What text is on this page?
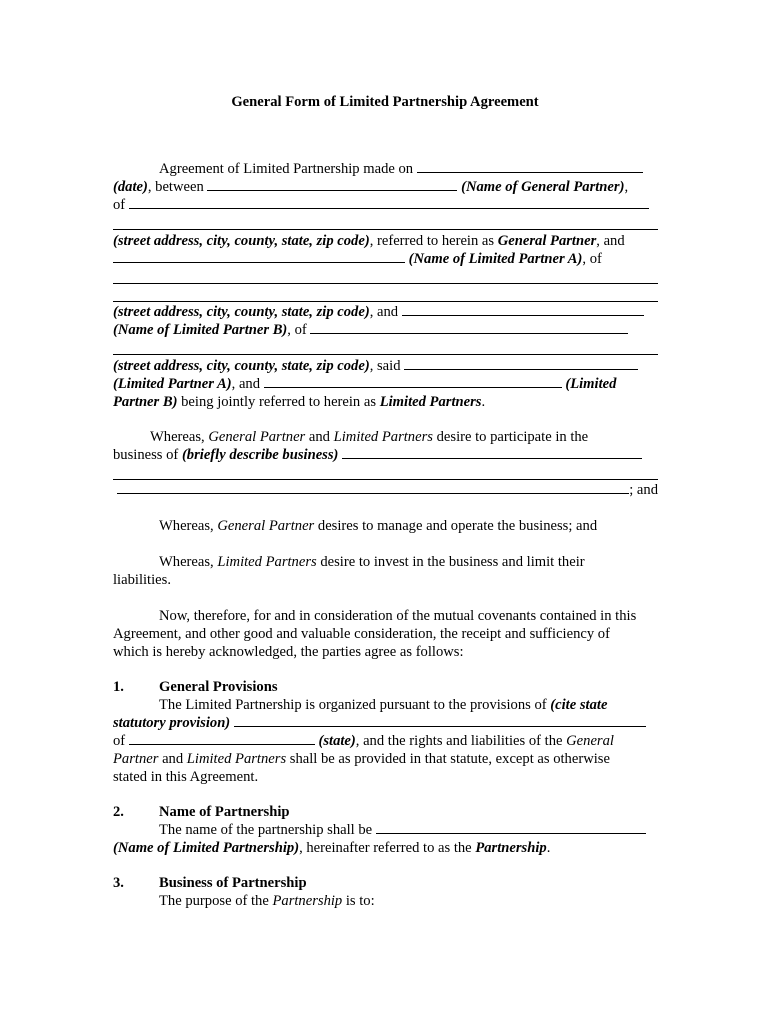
General Form of Limited Partnership Agreement
Agreement of Limited Partnership made on
(date), between	(Name of General Partner),
of
(street address, city, county, state, zip code), referred to herein as General Partner, and
(Name of Limited Partner A), of
(street address, city, county, state, zip code), and
(Name of Limited Partner B), of
(street address, city, county, state, zip code), said
(Limited Partner A), and	(Limited
Partner B) being jointly referred to herein as Limited Partners.
Whereas, General Partner and Limited Partners desire to participate in the
business of (briefly describe business)
; and
Whereas, General Partner desires to manage and operate the business; and
Whereas, Limited Partners desire to invest in the business and limit their
liabilities.
Now, therefore, for and in consideration of the mutual covenants contained in this
Agreement, and other good and valuable consideration, the receipt and sufficiency of
which is hereby acknowledged, the parties agree as follows:
1. General Provisions
The Limited Partnership is organized pursuant to the provisions of (cite state
statutory provision)
of	(state), and the rights and liabilities of the General
Partner and Limited Partners shall be as provided in that statute, except as otherwise
stated in this Agreement.
2. Name of Partnership
The name of the partnership shall be
(Name of Limited Partnership), hereinafter referred to as the Partnership.
3. Business of Partnership
The purpose of the Partnership is to:
